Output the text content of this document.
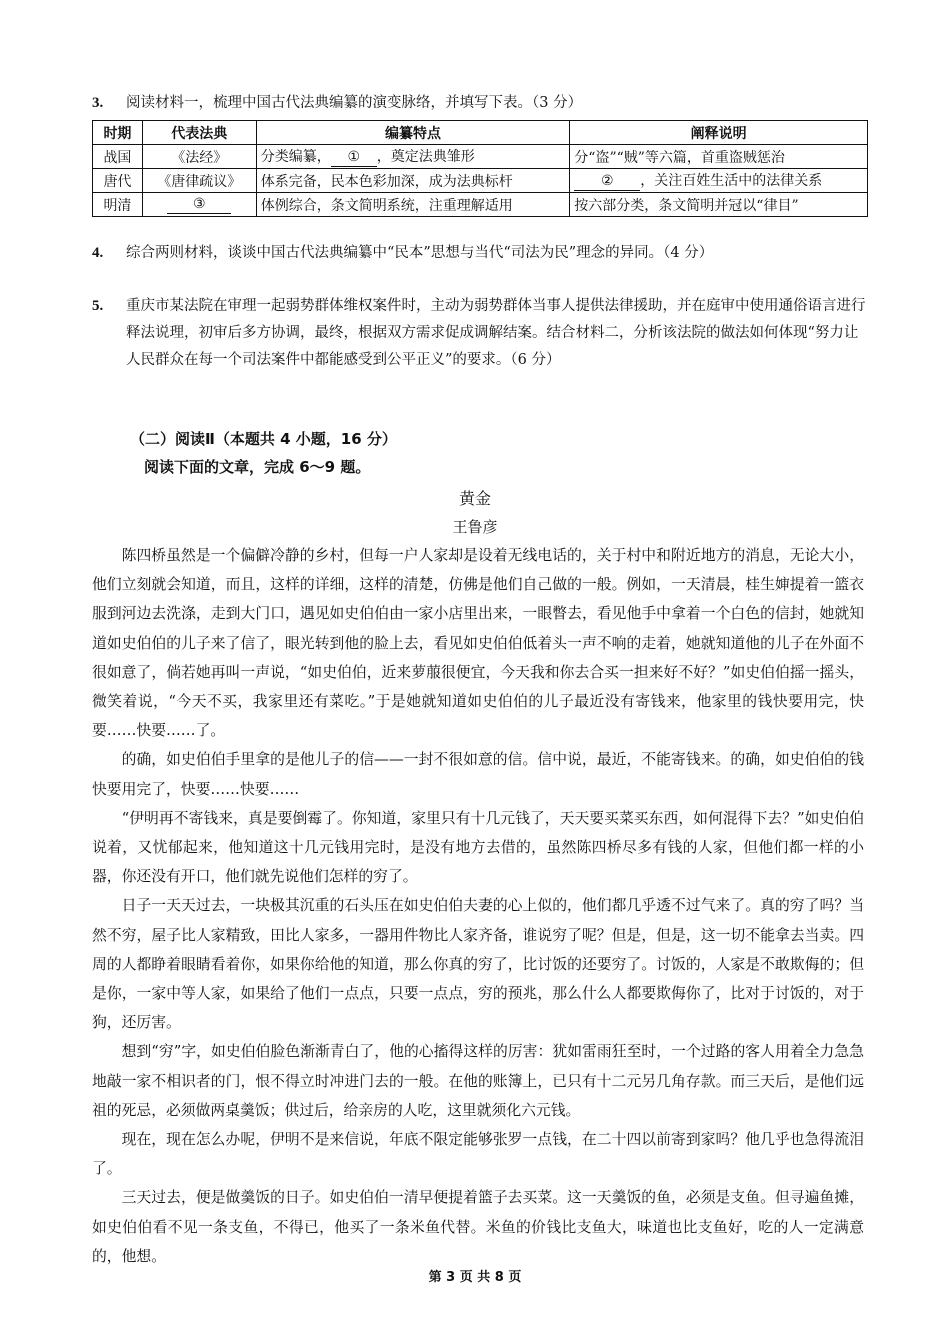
3. 阅读材料一，梳理中国古代法典编纂的演变脉络，并填写下表。（3 分）
时期	代表法典	编纂特点	阐释说明
战国	《法经》	分类编纂， ① ，奠定法典雏形	分“盗”“贼”等六篇，首重盗贼惩治
唐代	《唐律疏议》	体系完备，民本色彩加深，成为法典标杆	② ，关注百姓生活中的法律关系
明清	③	体例综合，条文简明系统，注重理解适用	按六部分类，条文简明并冠以“律目”
4. 综合两则材料，谈谈中国古代法典编纂中“民本”思想与当代“司法为民”理念的异同。（4 分）
5. 重庆市某法院在审理一起弱势群体维权案件时，主动为弱势群体当事人提供法律援助，并在庭审中使用通俗语言进行释法说理，初审后多方协调，最终，根据双方需求促成调解结案。结合材料二，分析该法院的做法如何体现“努力让人民群众在每一个司法案件中都能感受到公平正义”的要求。（6 分）
（二）阅读Ⅱ（本题共 4 小题，16 分）
阅读下面的文章，完成 6～9 题。
黄金
王鲁彦

陈四桥虽然是一个偏僻冷静的乡村，但每一户人家却是设着无线电话的，关于村中和附近地方的消息，无论大小，他们立刻就会知道，而且，这样的详细，这样的清楚，仿佛是他们自己做的一般。例如，一天清晨，桂生婶提着一篮衣服到河边去洗涤，走到大门口，遇见如史伯伯由一家小店里出来，一眼瞥去，看见他手中拿着一个白色的信封，她就知道如史伯伯的儿子来了信了，眼光转到他的脸上去，看见如史伯伯低着头一声不响的走着，她就知道他的儿子在外面不很如意了，倘若她再叫一声说，“如史伯伯，近来萝菔很便宜，今天我和你去合买一担来好不好？”如史伯伯摇一摇头，微笑着说，“今天不买，我家里还有菜吃。”于是她就知道如史伯伯的儿子最近没有寄钱来，他家里的钱快要用完，快要……快要……了。

的确，如史伯伯手里拿的是他儿子的信——一封不很如意的信。信中说，最近，不能寄钱来。的确，如史伯伯的钱快要用完了，快要……快要……

“伊明再不寄钱来，真是要倒霉了。你知道，家里只有十几元钱了，天天要买菜买东西，如何混得下去？”如史伯伯说着，又忧郁起来，他知道这十几元钱用完时，是没有地方去借的，虽然陈四桥尽多有钱的人家，但他们都一样的小器，你还没有开口，他们就先说他们怎样的穷了。

日子一天天过去，一块极其沉重的石头压在如史伯伯夫妻的心上似的，他们都几乎透不过气来了。真的穷了吗？当然不穷，屋子比人家精致，田比人家多，一器用件物比人家齐备，谁说穷了呢？但是，但是，这一切不能拿去当卖。四周的人都睁着眼睛看着你，如果你给他的知道，那么你真的穷了，比讨饭的还要穷了。讨饭的，人家是不敢欺侮的；但是你，一家中等人家，如果给了他们一点点，只要一点点，穷的预兆，那么什么人都要欺侮你了，比对于讨饭的，对于狗，还厉害。

想到“穷”字，如史伯伯脸色渐渐青白了，他的心搐得这样的厉害：犹如雷雨狂至时，一个过路的客人用着全力急急地敲一家不相识者的门，恨不得立时冲进门去的一般。在他的账簿上，已只有十二元另几角存款。而三天后，是他们远祖的死忌，必须做两桌羹饭；供过后，给亲房的人吃，这里就须化六元钱。

现在，现在怎么办呢，伊明不是来信说，年底不限定能够张罗一点钱，在二十四以前寄到家吗？他几乎也急得流泪了。

三天过去，便是做羹饭的日子。如史伯伯一清早便提着篮子去买菜。这一天羹饭的鱼，必须是支鱼。但寻遍鱼摊，如史伯伯看不见一条支鱼，不得已，他买了一条米鱼代替。米鱼的价钱比支鱼大，味道也比支鱼好，吃的人一定满意的，他想。

第 3 页 共 8 页
